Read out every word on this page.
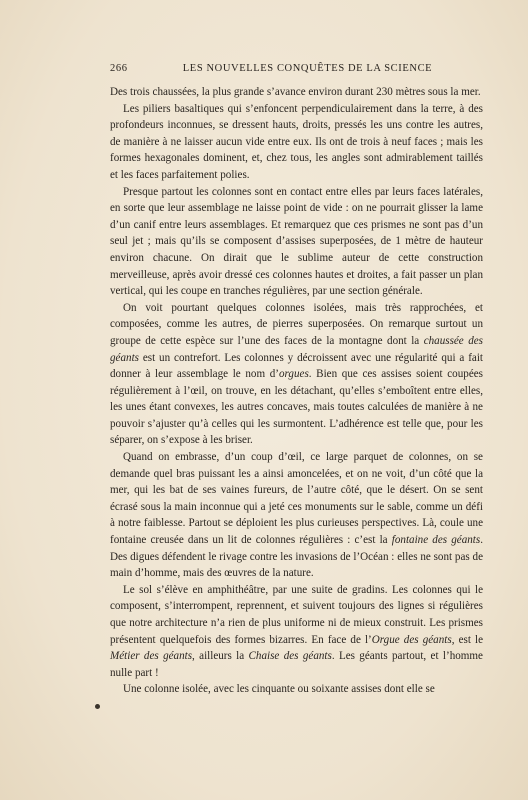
266	LES NOUVELLES CONQUÊTES DE LA SCIENCE

Des trois chaussées, la plus grande s’avance environ durant 230 mètres sous la mer.

Les piliers basaltiques qui s’enfoncent perpendiculairement dans la terre, à des profondeurs inconnues, se dressent hauts, droits, pressés les uns contre les autres, de manière à ne laisser aucun vide entre eux. Ils ont de trois à neuf faces ; mais les formes hexagonales dominent, et, chez tous, les angles sont admirablement taillés et les faces parfaitement polies.

Presque partout les colonnes sont en contact entre elles par leurs faces latérales, en sorte que leur assemblage ne laisse point de vide : on ne pourrait glisser la lame d’un canif entre leurs assemblages. Et remarquez que ces prismes ne sont pas d’un seul jet ; mais qu’ils se composent d’assises superposées, de 1 mètre de hauteur environ chacune. On dirait que le sublime auteur de cette construction merveilleuse, après avoir dressé ces colonnes hautes et droites, a fait passer un plan vertical, qui les coupe en tranches régulières, par une section générale.

On voit pourtant quelques colonnes isolées, mais très rapprochées, et composées, comme les autres, de pierres superposées. On remarque surtout un groupe de cette espèce sur l’une des faces de la montagne dont la chaussée des géants est un contrefort. Les colonnes y décroissent avec une régularité qui a fait donner à leur assemblage le nom d’orgues. Bien que ces assises soient coupées régulièrement à l’œil, on trouve, en les détachant, qu’elles s’emboîtent entre elles, les unes étant convexes, les autres concaves, mais toutes calculées de manière à ne pouvoir s’ajuster qu’à celles qui les surmontent. L’adhérence est telle que, pour les séparer, on s’expose à les briser.

Quand on embrasse, d’un coup d’œil, ce large parquet de colonnes, on se demande quel bras puissant les a ainsi amoncelées, et on ne voit, d’un côté que la mer, qui les bat de ses vaines fureurs, de l’autre côté, que le désert. On se sent écrasé sous la main inconnue qui a jeté ces monuments sur le sable, comme un défi à notre faiblesse. Partout se déploient les plus curieuses perspectives. Là, coule une fontaine creusée dans un lit de colonnes régulières : c’est la fontaine des géants. Des digues défendent le rivage contre les invasions de l’Océan : elles ne sont pas de main d’homme, mais des œuvres de la nature.

Le sol s’élève en amphithéâtre, par une suite de gradins. Les colonnes qui le composent, s’interrompent, reprennent, et suivent toujours des lignes si régulières que notre architecture n’a rien de plus uniforme ni de mieux construit. Les prismes présentent quelquefois des formes bizarres. En face de l’Orgue des géants, est le Métier des géants, ailleurs la Chaise des géants. Les géants partout, et l’homme nulle part !

Une colonne isolée, avec les cinquante ou soixante assises dont elle se
